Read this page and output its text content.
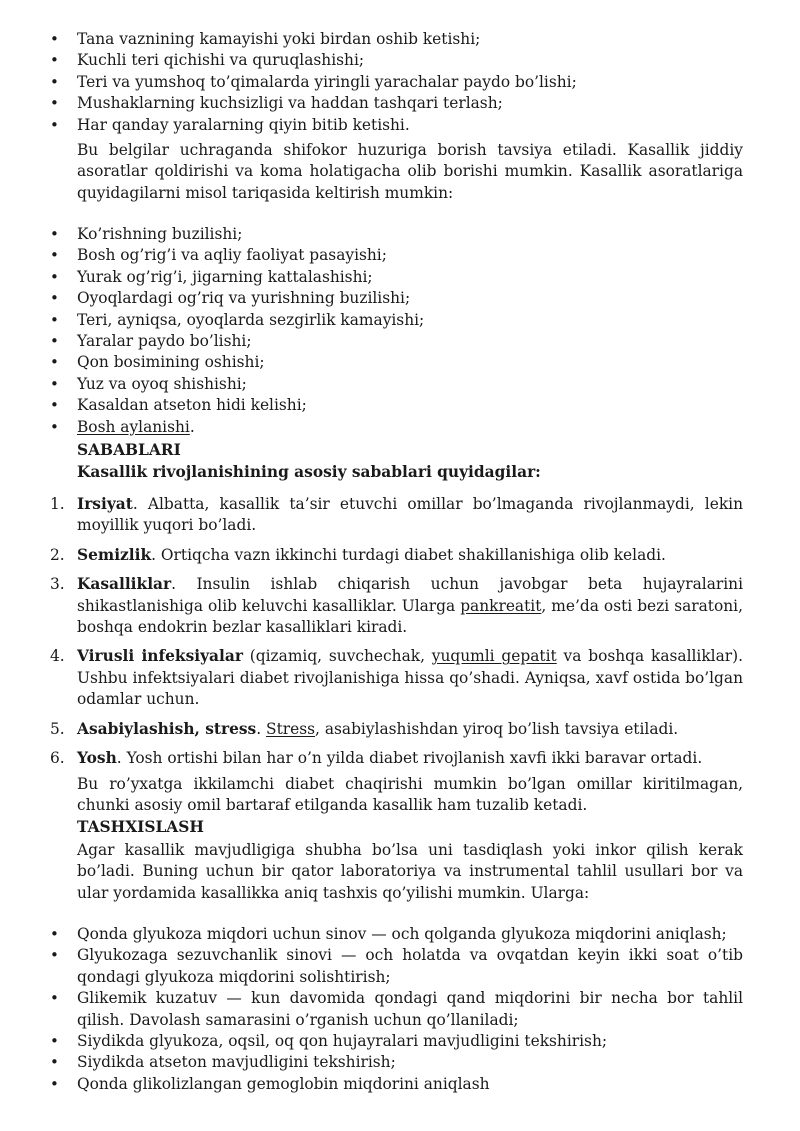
• Tana vaznining kamayishi yoki birdan oshib ketishi;
• Kuchli teri qichishi va quruqlashishi;
• Teri va yumshoq to’qimalarda yiringli yarachalar paydo bo’lishi;
• Mushaklarning kuchsizligi va haddan tashqari terlash;
• Har qanday yaralarning qiyin bitib ketishi.

Bu belgilar uchraganda shifokor huzuriga borish tavsiya etiladi. Kasallik jiddiy asoratlar qoldirishi va koma holatigacha olib borishi mumkin. Kasallik asoratlariga quyidagilarni misol tariqasida keltirish mumkin:

• Ko’rishning buzilishi;
• Bosh og’rig’i va aqliy faoliyat pasayishi;
• Yurak og’rig’i, jigarning kattalashishi;
• Oyoqlardagi og’riq va yurishning buzilishi;
• Teri, ayniqsa, oyoqlarda sezgirlik kamayishi;
• Yaralar paydo bo’lishi;
• Qon bosimining oshishi;
• Yuz va oyoq shishishi;
• Kasaldan atseton hidi kelishi;
• Bosh aylanishi.
SABABLARI
Kasallik rivojlanishining asosiy sabablari quyidagilar:
1. Irsiyat. Albatta, kasallik ta’sir etuvchi omillar bo’lmaganda rivojlanmaydi, lekin moyillik yuqori bo’ladi.
2. Semizlik. Ortiqcha vazn ikkinchi turdagi diabet shakillanishiga olib keladi.
3. Kasalliklar. Insulin ishlab chiqarish uchun javobgar beta hujayralarini shikastlanishiga olib keluvchi kasalliklar. Ularga pankreatit, me’da osti bezi saratoni, boshqa endokrin bezlar kasalliklari kiradi.
4. Virusli infeksiyalar (qizamiq, suvchechak, yuqumli gepatit va boshqa kasalliklar). Ushbu infektsiyalari diabet rivojlanishiga hissa qo’shadi. Ayniqsa, xavf ostida bo’lgan odamlar uchun.
5. Asabiylashish, stress. Stress, asabiylashishdan yiroq bo’lish tavsiya etiladi.
6. Yosh. Yosh ortishi bilan har o’n yilda diabet rivojlanish xavfi ikki baravar ortadi.

Bu ro’yxatga ikkilamchi diabet chaqirishi mumkin bo’lgan omillar kiritilmagan, chunki asosiy omil bartaraf etilganda kasallik ham tuzalib ketadi.

TASHXISLASH

Agar kasallik mavjudligiga shubha bo’lsa uni tasdiqlash yoki inkor qilish kerak bo’ladi. Buning uchun bir qator laboratoriya va instrumental tahlil usullari bor va ular yordamida kasallikka aniq tashxis qo’yilishi mumkin. Ularga:

• Qonda glyukoza miqdori uchun sinov — och qolganda glyukoza miqdorini aniqlash;
• Glyukozaga sezuvchanlik sinovi — och holatda va ovqatdan keyin ikki soat o’tib qondagi glyukoza miqdorini solishtirish;
• Glikemik kuzatuv — kun davomida qondagi qand miqdorini bir necha bor tahlil qilish. Davolash samarasini o’rganish uchun qo’llaniladi;
• Siydikda glyukoza, oqsil, oq qon hujayralari mavjudligini tekshirish;
• Siydikda atseton mavjudligini tekshirish;
• Qonda glikolizlangan gemoglobin miqdorini aniqlash
